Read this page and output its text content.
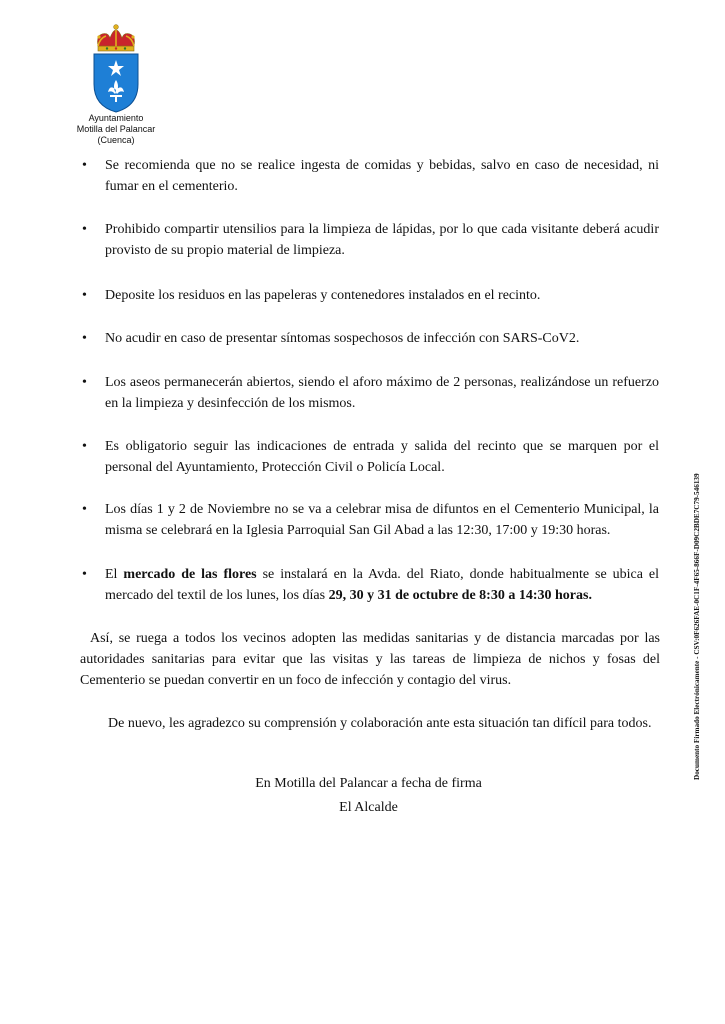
Ayuntamiento
Motilla del Palancar
(Cuenca)
• Se recomienda que no se realice ingesta de comidas y bebidas, salvo en caso de necesidad, ni fumar en el cementerio.
• Prohibido compartir utensilios para la limpieza de lápidas, por lo que cada visitante deberá acudir provisto de su propio material de limpieza.
• Deposite los residuos en las papeleras y contenedores instalados en el recinto.
• No acudir en caso de presentar síntomas sospechosos de infección con SARS-CoV2.
• Los aseos permanecerán abiertos, siendo el aforo máximo de 2 personas, realizándose un refuerzo en la limpieza y desinfección de los mismos.
• Es obligatorio seguir las indicaciones de entrada y salida del recinto que se marquen por el personal del Ayuntamiento, Protección Civil o Policía Local.
• Los días 1 y 2 de Noviembre no se va a celebrar misa de difuntos en el Cementerio Municipal, la misma se celebrará en la Iglesia Parroquial San Gil Abad a las 12:30, 17:00 y 19:30 horas.
• El mercado de las flores se instalará en la Avda. del Riato, donde habitualmente se ubica el mercado del textil de los lunes, los días 29, 30 y 31 de octubre de 8:30 a 14:30 horas.
Así, se ruega a todos los vecinos adopten las medidas sanitarias y de distancia marcadas por las autoridades sanitarias para evitar que las visitas y las tareas de limpieza de nichos y fosas del Cementerio se puedan convertir en un foco de infección y contagio del virus.
De nuevo, les agradezco su comprensión y colaboración ante esta situación tan difícil para todos.
En Motilla del Palancar a fecha de firma
El Alcalde
Documento Firmado Electrónicamente - CSV:0F626FAE-0C1F-4F65-866F-D09C2BDE7C79-546139
